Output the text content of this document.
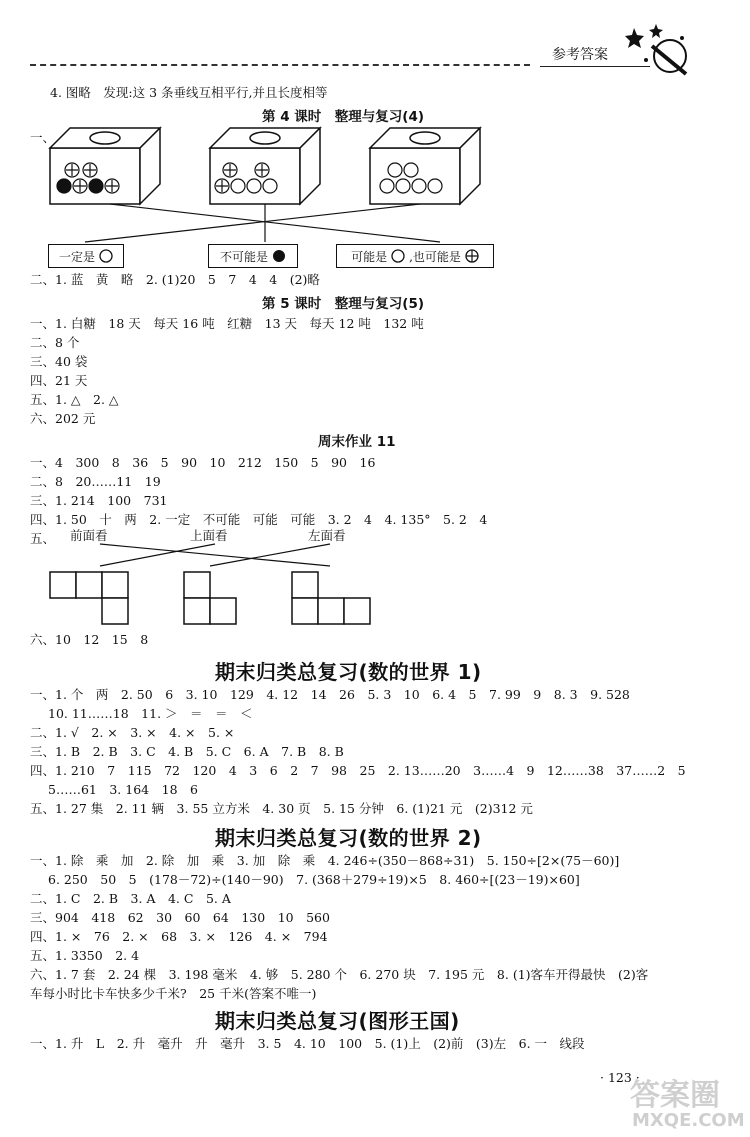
参考答案
4. 图略　发现:这 3 条垂线互相平行,并且长度相等
第 4 课时　整理与复习(4)
一、
一定是	不可能是	可能是 ,也可能是
二、1. 蓝　黄　略　2. (1)20　5　7　4　4　(2)略
第 5 课时　整理与复习(5)
一、1. 白糖　18 天　每天 16 吨　红糖　13 天　每天 12 吨　132 吨
二、8 个
三、40 袋
四、21 天
五、1. △　2. △
六、202 元
周末作业 11
一、4　300　8　36　5　90　10　212　150　5　90　16
二、8　20……11　19
三、1. 214　100　731
四、1. 50　十　两　2. 一定　不可能　可能　可能　3. 2　4　4. 135°　5. 2　4
五、 前面看	上面看	左面看
六、10　12　15　8
期末归类总复习(数的世界 1)
一、1. 个　两　2. 50　6　3. 10　129　4. 12　14　26　5. 3　10　6. 4　5　7. 99　9　8. 3　9. 528
10. 11……18　11. ＞　＝　＝　＜
二、1. √　2. ×　3. ×　4. ×　5. ×
三、1. B　2. B　3. C　4. B　5. C　6. A　7. B　8. B
四、1. 210　7　115　72　120　4　3　6　2　7　98　25　2. 13……20　3……4　9　12……38　37……2　5
5……61　3. 164　18　6
五、1. 27 集　2. 11 辆　3. 55 立方米　4. 30 页　5. 15 分钟　6. (1)21 元　(2)312 元
期末归类总复习(数的世界 2)
一、1. 除　乘　加　2. 除　加　乘　3. 加　除　乘　4. 246÷(350－868÷31)　5. 150÷[2×(75－60)]
6. 250　50　5　(178－72)÷(140－90)　7. (368＋279÷19)×5　8. 460÷[(23－19)×60]
二、1. C　2. B　3. A　4. C　5. A
三、904　418　62　30　60　64　130　10　560
四、1. ×　76　2. ×　68　3. ×　126　4. ×　794
五、1. 3350　2. 4
六、1. 7 套　2. 24 棵　3. 198 毫米　4. 够　5. 280 个　6. 270 块　7. 195 元　8. (1)客车开得最快　(2)客
车每小时比卡车快多少千米?　25 千米(答案不唯一)
期末归类总复习(图形王国)
一、1. 升　L　2. 升　毫升　升　毫升　3. 5　4. 10　100　5. (1)上　(2)前　(3)左　6. 一　线段
· 123 ·
答案圈
MXQE.COM
